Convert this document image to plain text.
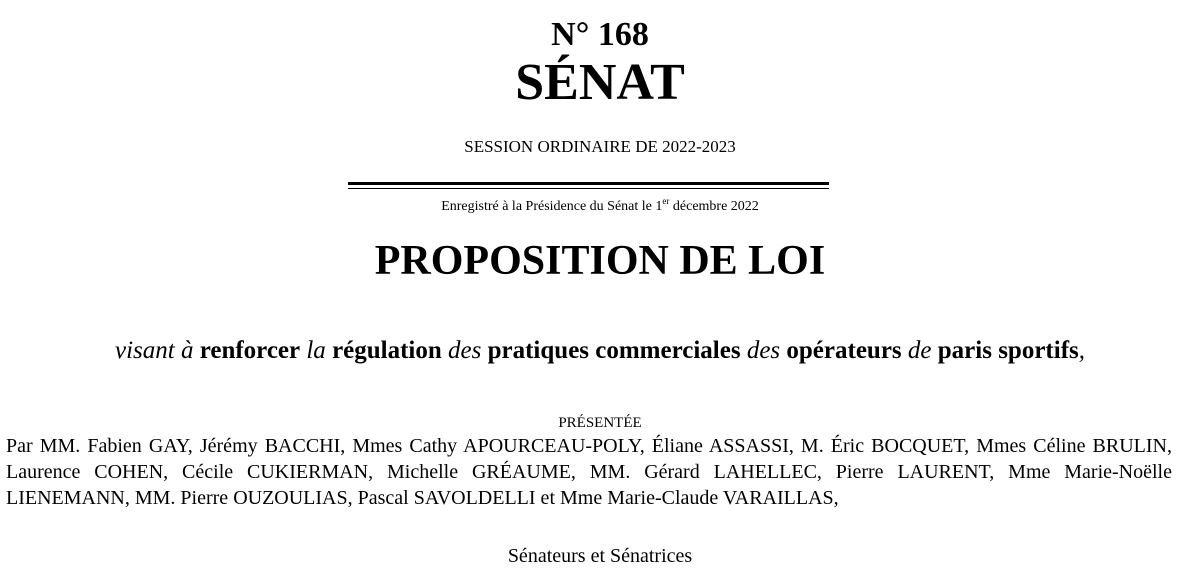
N° 168
SÉNAT
SESSION ORDINAIRE DE 2022-2023
Enregistré à la Présidence du Sénat le 1er décembre 2022
PROPOSITION DE LOI
visant à renforcer la régulation des pratiques commerciales des opérateurs de paris sportifs,
PRÉSENTÉE
Par MM. Fabien GAY, Jérémy BACCHI, Mmes Cathy APOURCEAU-POLY, Éliane ASSASSI, M. Éric BOCQUET, Mmes Céline BRULIN, Laurence COHEN, Cécile CUKIERMAN, Michelle GRÉAUME, MM. Gérard LAHELLEC, Pierre LAURENT, Mme Marie-Noëlle LIENEMANN, MM. Pierre OUZOULIAS, Pascal SAVOLDELLI et Mme Marie-Claude VARAILLAS,
Sénateurs et Sénatrices
